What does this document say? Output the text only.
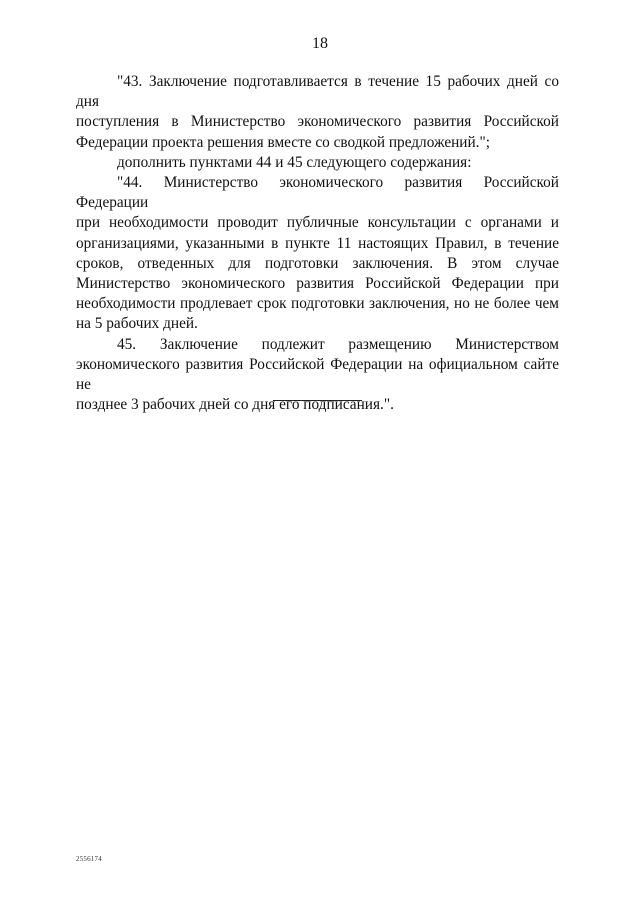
18
"43. Заключение подготавливается в течение 15 рабочих дней со дня
поступления в Министерство экономического развития Российской
Федерации проекта решения вместе со сводкой предложений.";
дополнить пунктами 44 и 45 следующего содержания:
"44. Министерство экономического развития Российской Федерации
при необходимости проводит публичные консультации с органами и
организациями, указанными в пункте 11 настоящих Правил, в течение
сроков, отведенных для подготовки заключения. В этом случае
Министерство экономического развития Российской Федерации при
необходимости продлевает срок подготовки заключения, но не более чем
на 5 рабочих дней.
45. Заключение подлежит размещению Министерством
экономического развития Российской Федерации на официальном сайте не
позднее 3 рабочих дней со дня его подписания.".
2556174
